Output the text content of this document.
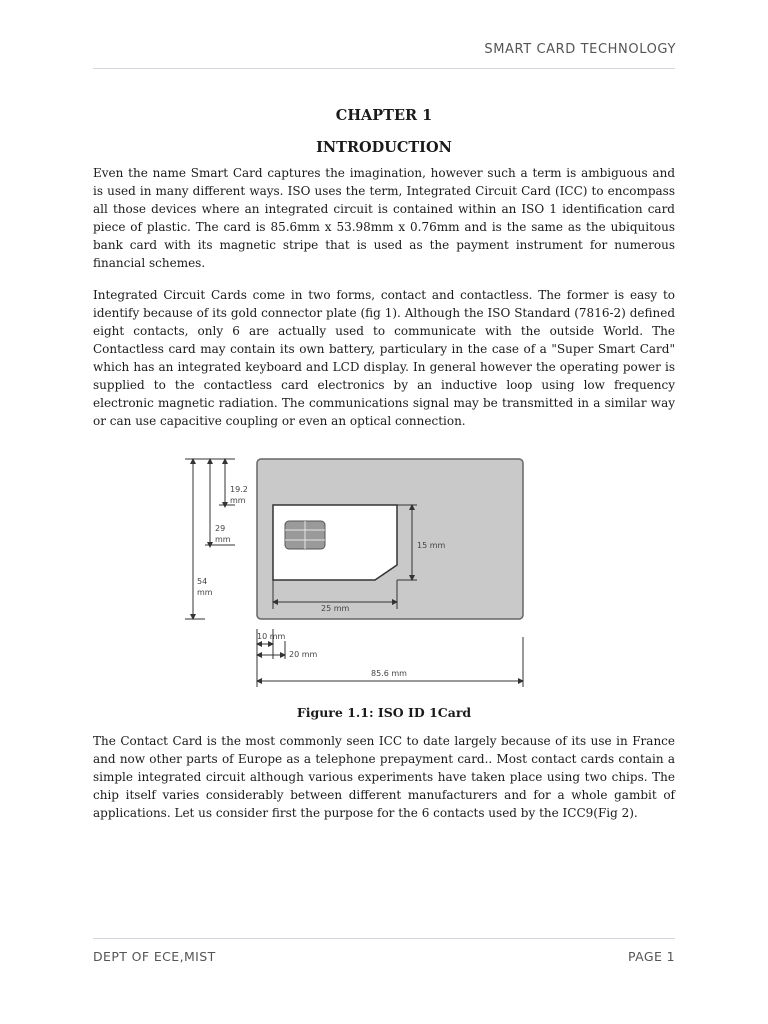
SMART CARD TECHNOLOGY
CHAPTER 1
INTRODUCTION

Even the name Smart Card captures the imagination, however such a term is ambiguous and is used in many different ways. ISO uses the term, Integrated Circuit Card (ICC) to encompass all those devices where an integrated circuit is contained within an ISO 1 identification card piece of plastic. The card is 85.6mm x 53.98mm x 0.76mm and is the same as the ubiquitous bank card with its magnetic stripe that is used as the payment instrument for numerous financial schemes.

Integrated Circuit Cards come in two forms, contact and contactless. The former is easy to identify because of its gold connector plate (fig 1). Although the ISO Standard (7816-2) defined eight contacts, only 6 are actually used to communicate with the outside World. The Contactless card may contain its own battery, particulary in the case of a "Super Smart Card" which has an integrated keyboard and LCD display. In general however the operating power is supplied to the contactless card electronics by an inductive loop using low frequency electronic magnetic radiation. The communications signal may be transmitted in a similar way or can use capacitive coupling or even an optical connection.

19.2
mm
29
mm
54
mm
15 mm
25 mm
10 mm
20 mm
85.6 mm
Figure 1.1: ISO ID 1Card

The Contact Card is the most commonly seen ICC to date largely because of its use in France and now other parts of Europe as a telephone prepayment card.. Most contact cards contain a simple integrated circuit although various experiments have taken place using two chips. The chip itself varies considerably between different manufacturers and for a whole gambit of applications. Let us consider first the purpose for the 6 contacts used by the ICC9(Fig 2).

DEPT OF ECE,MIST	PAGE 1
